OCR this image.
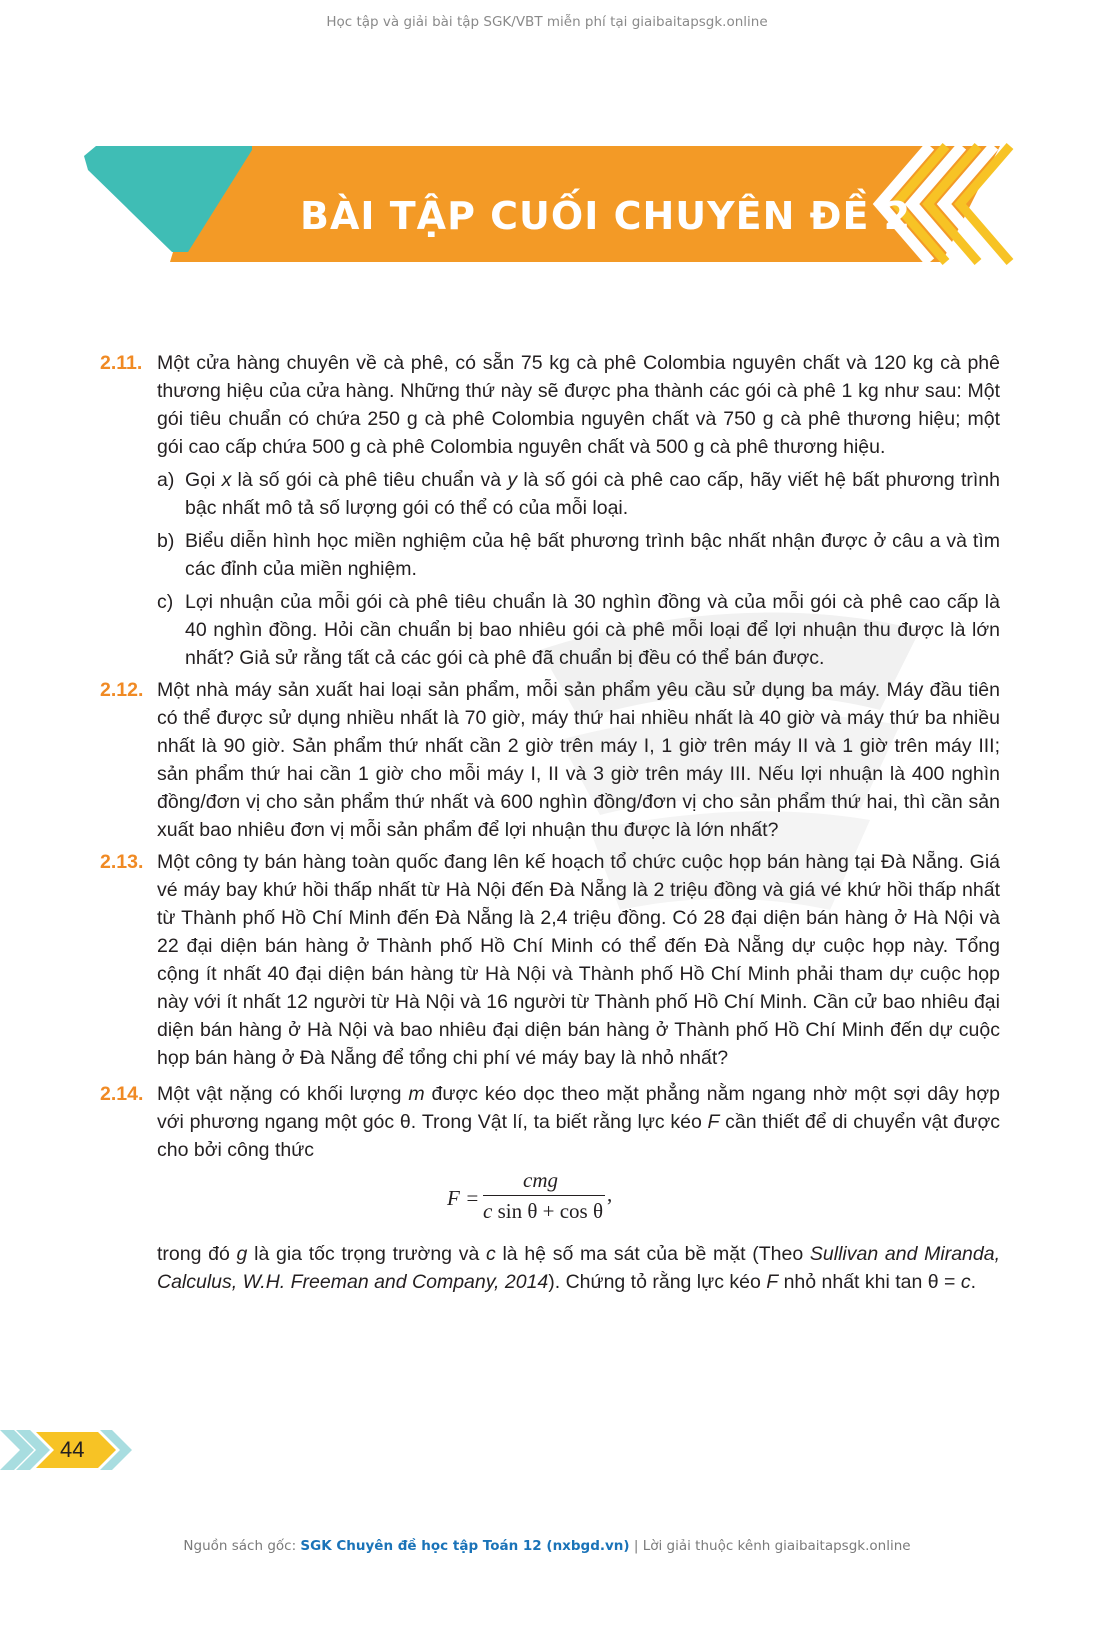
Học tập và giải bài tập SGK/VBT miễn phí tại giaibaitapsgk.online
BÀI TẬP CUỐI CHUYÊN ĐỀ 2
2.11. Một cửa hàng chuyên về cà phê, có sẵn 75 kg cà phê Colombia nguyên chất và 120 kg cà phê thương hiệu của cửa hàng. Những thứ này sẽ được pha thành các gói cà phê 1 kg như sau: Một gói tiêu chuẩn có chứa 250 g cà phê Colombia nguyên chất và 750 g cà phê thương hiệu; một gói cao cấp chứa 500 g cà phê Colombia nguyên chất và 500 g cà phê thương hiệu.

a) Gọi x là số gói cà phê tiêu chuẩn và y là số gói cà phê cao cấp, hãy viết hệ bất phương trình bậc nhất mô tả số lượng gói có thể có của mỗi loại.

b) Biểu diễn hình học miền nghiệm của hệ bất phương trình bậc nhất nhận được ở câu a và tìm các đỉnh của miền nghiệm.

c) Lợi nhuận của mỗi gói cà phê tiêu chuẩn là 30 nghìn đồng và của mỗi gói cà phê cao cấp là 40 nghìn đồng. Hỏi cần chuẩn bị bao nhiêu gói cà phê mỗi loại để lợi nhuận thu được là lớn nhất? Giả sử rằng tất cả các gói cà phê đã chuẩn bị đều có thể bán được.

2.12. Một nhà máy sản xuất hai loại sản phẩm, mỗi sản phẩm yêu cầu sử dụng ba máy. Máy đầu tiên có thể được sử dụng nhiều nhất là 70 giờ, máy thứ hai nhiều nhất là 40 giờ và máy thứ ba nhiều nhất là 90 giờ. Sản phẩm thứ nhất cần 2 giờ trên máy I, 1 giờ trên máy II và 1 giờ trên máy III; sản phẩm thứ hai cần 1 giờ cho mỗi máy I, II và 3 giờ trên máy III. Nếu lợi nhuận là 400 nghìn đồng/đơn vị cho sản phẩm thứ nhất và 600 nghìn đồng/đơn vị cho sản phẩm thứ hai, thì cần sản xuất bao nhiêu đơn vị mỗi sản phẩm để lợi nhuận thu được là lớn nhất?

2.13. Một công ty bán hàng toàn quốc đang lên kế hoạch tổ chức cuộc họp bán hàng tại Đà Nẵng. Giá vé máy bay khứ hồi thấp nhất từ Hà Nội đến Đà Nẵng là 2 triệu đồng và giá vé khứ hồi thấp nhất từ Thành phố Hồ Chí Minh đến Đà Nẵng là 2,4 triệu đồng. Có 28 đại diện bán hàng ở Hà Nội và 22 đại diện bán hàng ở Thành phố Hồ Chí Minh có thể đến Đà Nẵng dự cuộc họp này. Tổng cộng ít nhất 40 đại diện bán hàng từ Hà Nội và Thành phố Hồ Chí Minh phải tham dự cuộc họp này với ít nhất 12 người từ Hà Nội và 16 người từ Thành phố Hồ Chí Minh. Cần cử bao nhiêu đại diện bán hàng ở Hà Nội và bao nhiêu đại diện bán hàng ở Thành phố Hồ Chí Minh đến dự cuộc họp bán hàng ở Đà Nẵng để tổng chi phí vé máy bay là nhỏ nhất?

2.14. Một vật nặng có khối lượng m được kéo dọc theo mặt phẳng nằm ngang nhờ một sợi dây hợp với phương ngang một góc θ. Trong Vật lí, ta biết rằng lực kéo F cần thiết để di chuyển vật được cho bởi công thức

F =
cmg
c sin θ + cos θ
,

trong đó g là gia tốc trọng trường và c là hệ số ma sát của bề mặt (Theo Sullivan and Miranda, Calculus, W.H. Freeman and Company, 2014). Chứng tỏ rằng lực kéo F nhỏ nhất khi tan θ = c.

44
Nguồn sách gốc: SGK Chuyên đề học tập Toán 12 (nxbgd.vn) | Lời giải thuộc kênh giaibaitapsgk.online
